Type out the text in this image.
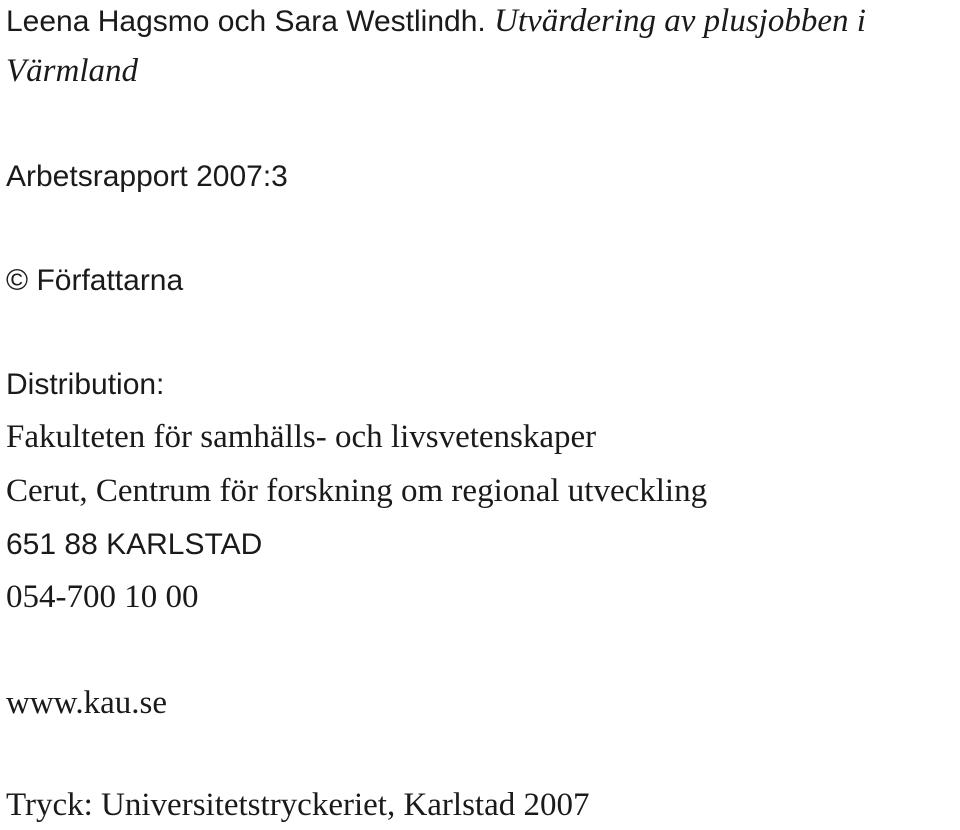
Leena Hagsmo och Sara Westlindh. Utvärdering av plusjobben i
Värmland
Arbetsrapport 2007:3
© Författarna
Distribution:
Fakulteten för samhälls- och livsvetenskaper
Cerut, Centrum för forskning om regional utveckling
651 88 KARLSTAD
054-700 10 00
www.kau.se
Tryck: Universitetstryckeriet, Karlstad 2007
